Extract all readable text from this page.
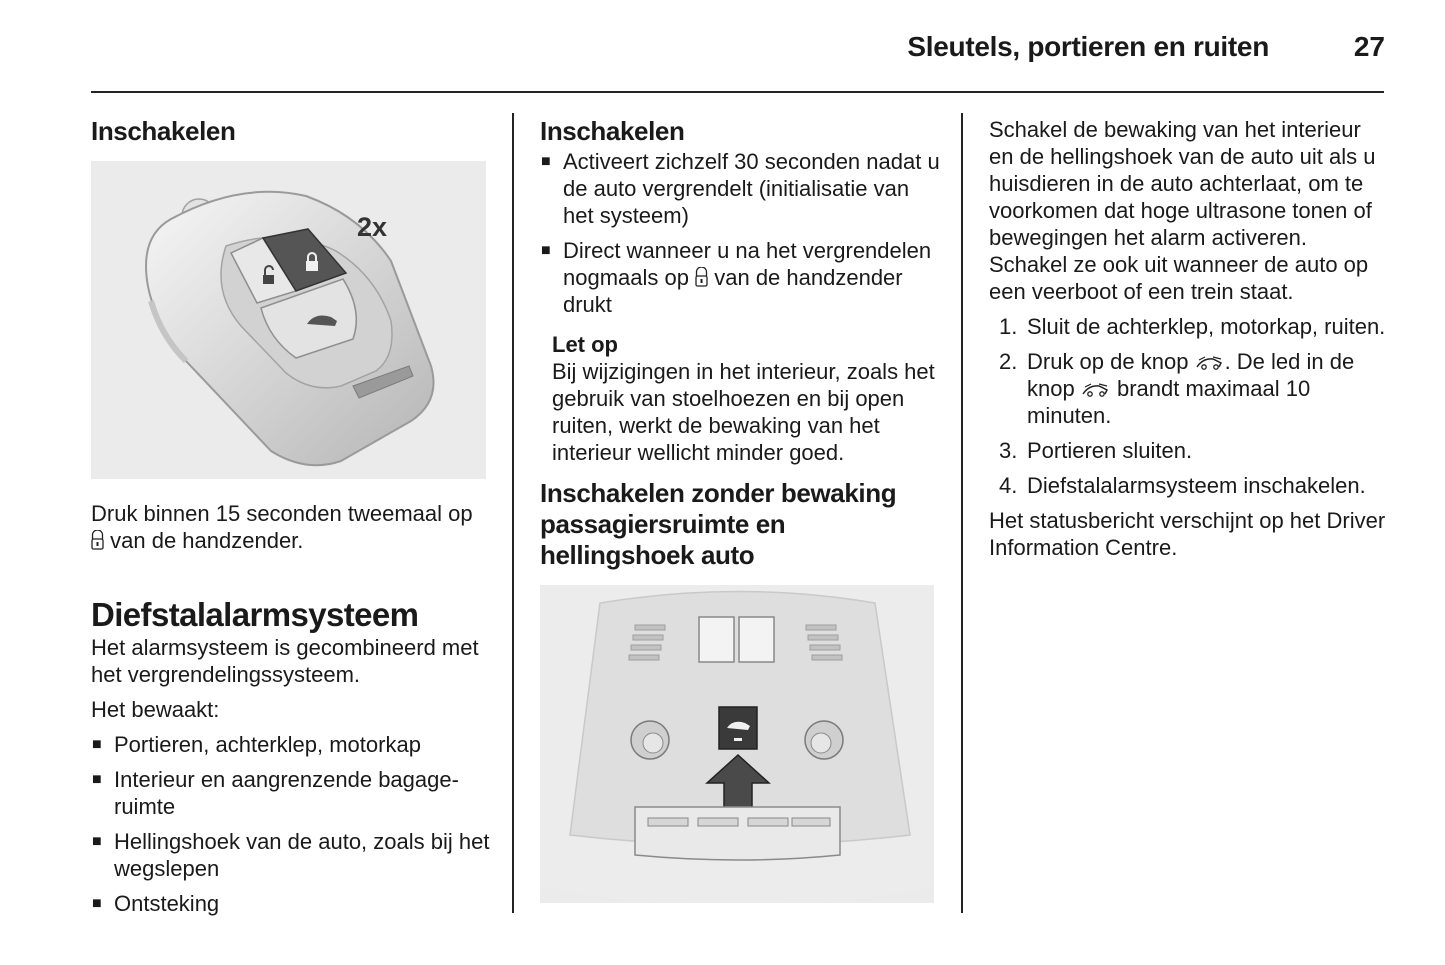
Sleutels, portieren en ruiten	27
Inschakelen
2x

Druk binnen 15 seconden tweemaal op  van de handzender.

Diefstalalarmsysteem

Het alarmsysteem is gecombineerd met het vergrendelingssysteem.

Het bewaakt:

■ Portieren, achterklep, motorkap
■ Interieur en aangrenzende bagageruimte
■ Hellingshoek van de auto, zoals bij het wegslepen
■ Ontsteking
Inschakelen
■ Activeert zichzelf 30 seconden nadat u de auto vergrendelt (initialisatie van het systeem)
■ Direct wanneer u na het vergrendelen nogmaals op van de handzender drukt
Let op

Bij wijzigingen in het interieur, zoals het gebruik van stoelhoezen en bij open ruiten, werkt de bewaking van het interieur wellicht minder goed.

Inschakelen zonder bewaking passagiersruimte en hellingshoek auto

Schakel de bewaking van het interieur en de hellingshoek van de auto uit als u huisdieren in de auto achterlaat, om te voorkomen dat hoge ultrasone tonen of bewegingen het alarm activeren. Schakel ze ook uit wanneer de auto op een veerboot of een trein staat.

1. Sluit de achterklep, motorkap, ruiten.
2. Druk op de knop . De led in de knop brandt maximaal 10 minuten.
3. Portieren sluiten.
4. Diefstalalarmsysteem inschakelen.

Het statusbericht verschijnt op het Driver Information Centre.
